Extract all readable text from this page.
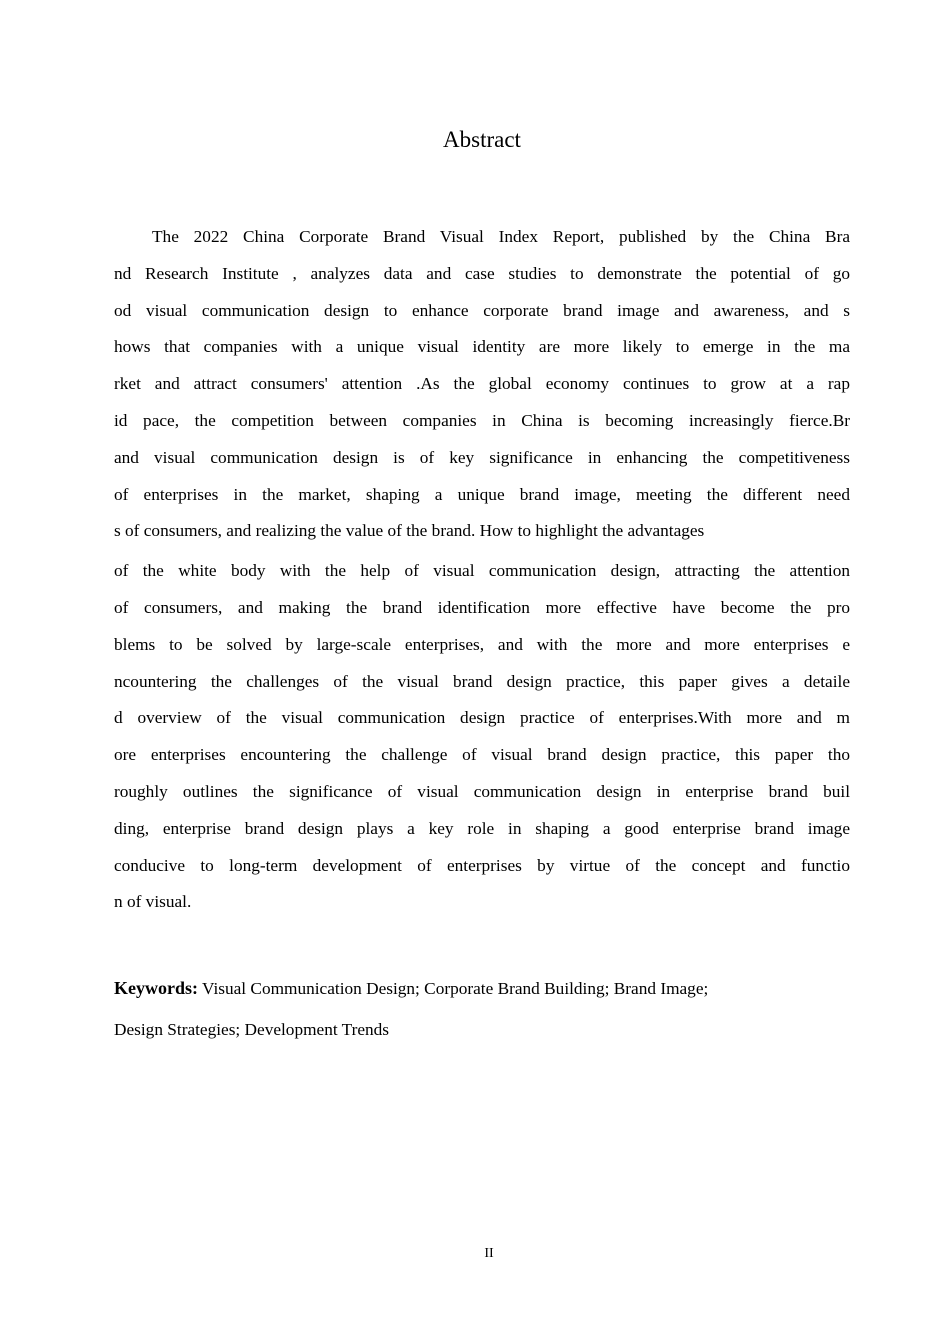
Abstract
The 2022 China Corporate Brand Visual Index Report, published by the China Bra
nd Research Institute , analyzes data and case studies to demonstrate the potential of go
od visual communication design to enhance corporate brand image and awareness, and s
hows that companies with a unique visual identity are more likely to emerge in the ma
rket and attract consumers' attention .As the global economy continues to grow at a rap
id pace, the competition between companies in China is becoming increasingly fierce.Br
and visual communication design is of key significance in enhancing the competitiveness
of enterprises in the market, shaping a unique brand image, meeting the different need
s of consumers, and realizing the value of the brand. How to highlight the advantages
of the white body with the help of visual communication design, attracting the attention
of consumers, and making the brand identification more effective have become the pro
blems to be solved by large-scale enterprises, and with the more and more enterprises e
ncountering the challenges of the visual brand design practice, this paper gives a detaile
d overview of the visual communication design practice of enterprises.With more and m
ore enterprises encountering the challenge of visual brand design practice, this paper tho
roughly outlines the significance of visual communication design in enterprise brand buil
ding, enterprise brand design plays a key role in shaping a good enterprise brand image
conducive to long-term development of enterprises by virtue of the concept and functio
n of visual.
Keywords: Visual Communication Design; Corporate Brand Building; Brand Image;
Design Strategies; Development Trends
II
